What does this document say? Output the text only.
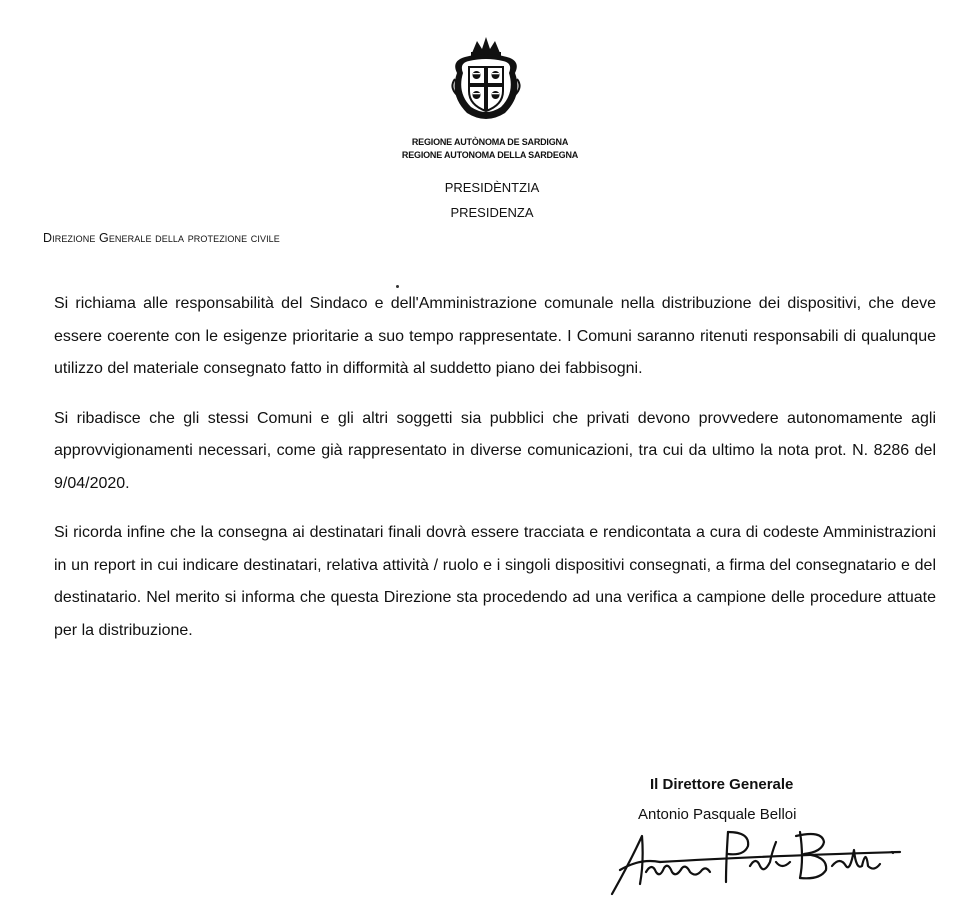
REGIONE AUTÒNOMA DE SARDIGNA
REGIONE AUTONOMA DELLA SARDEGNA
PRESIDÈNTZIA
PRESIDENZA
Direzione Generale della protezione civile

Si richiama alle responsabilità del Sindaco e dell'Amministrazione comunale nella distribuzione dei dispositivi, che deve essere coerente con le esigenze prioritarie a suo tempo rappresentate. I Comuni saranno ritenuti responsabili di qualunque utilizzo del materiale consegnato fatto in difformità al suddetto piano dei fabbisogni.

Si ribadisce che gli stessi Comuni e gli altri soggetti sia pubblici che privati devono provvedere autonomamente agli approvvigionamenti necessari, come già rappresentato in diverse comunicazioni, tra cui da ultimo la nota prot. N. 8286 del 9/04/2020.

Si ricorda infine che la consegna ai destinatari finali dovrà essere tracciata e rendicontata a cura di codeste Amministrazioni in un report in cui indicare destinatari, relativa attività / ruolo e i singoli dispositivi consegnati, a firma del consegnatario e del destinatario. Nel merito si informa che questa Direzione sta procedendo ad una verifica a campione delle procedure attuate per la distribuzione.

Il Direttore Generale
Antonio Pasquale Belloi
